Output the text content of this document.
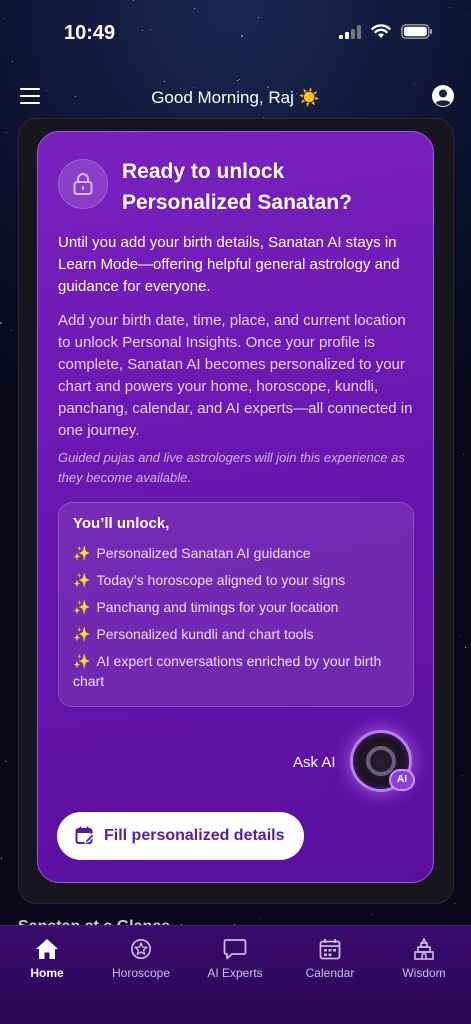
10:49
Good Morning, Raj ☀️
Ready to unlock Personalized Sanatan?

Until you add your birth details, Sanatan AI stays in Learn Mode—offering helpful general astrology and guidance for everyone.

Add your birth date, time, place, and current location to unlock Personal Insights. Once your profile is complete, Sanatan AI becomes personalized to your chart and powers your home, horoscope, kundli, panchang, calendar, and AI experts—all connected in one journey.

Guided pujas and live astrologers will join this experience as they become available.

You’ll unlock,
✨ Personalized Sanatan AI guidance
✨ Today’s horoscope aligned to your signs
✨ Panchang and timings for your location
✨ Personalized kundli and chart tools
✨ AI expert conversations enriched by your birth chart
Ask AI
AI
Fill personalized details
Home	Horoscope	AI Experts	Calendar	Wisdom
